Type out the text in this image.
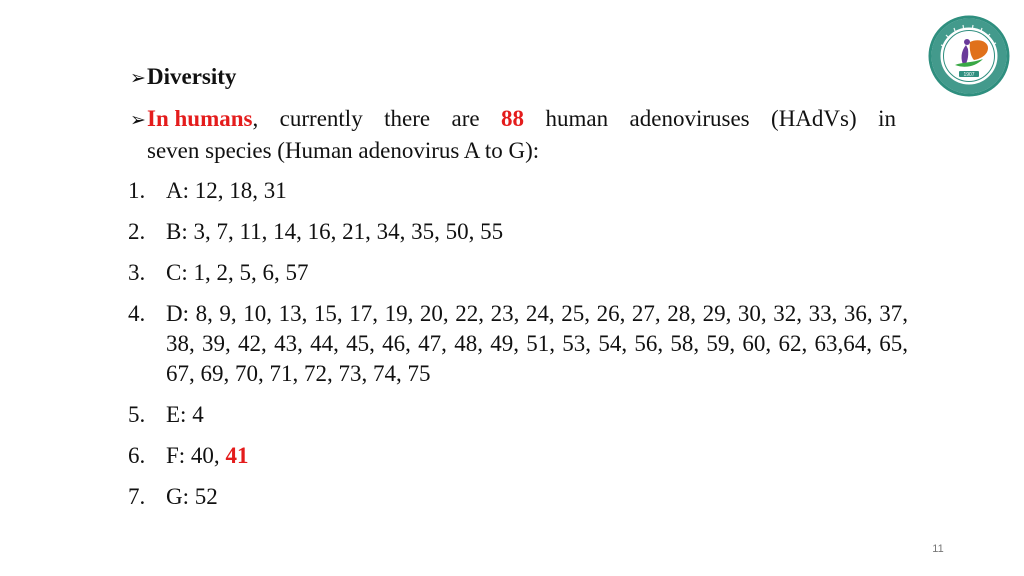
➢Diversity
➢In humans, currently there are 88 human adenoviruses (HAdVs) in
seven species (Human adenovirus A to G):
1. A: 12, 18, 31
2. B: 3, 7, 11, 14, 16, 21, 34, 35, 50, 55
3. C: 1, 2, 5, 6, 57
4. D: 8, 9, 10, 13, 15, 17, 19, 20, 22, 23, 24, 25, 26, 27, 28, 29, 30, 32, 33, 36, 37, 38, 39, 42, 43, 44, 45, 46, 47, 48, 49, 51, 53, 54, 56, 58, 59, 60, 62, 63,64, 65, 67, 69, 70, 71, 72, 73, 74, 75
5. E: 4
6. F: 40, 41
7. G: 52
1907
11
